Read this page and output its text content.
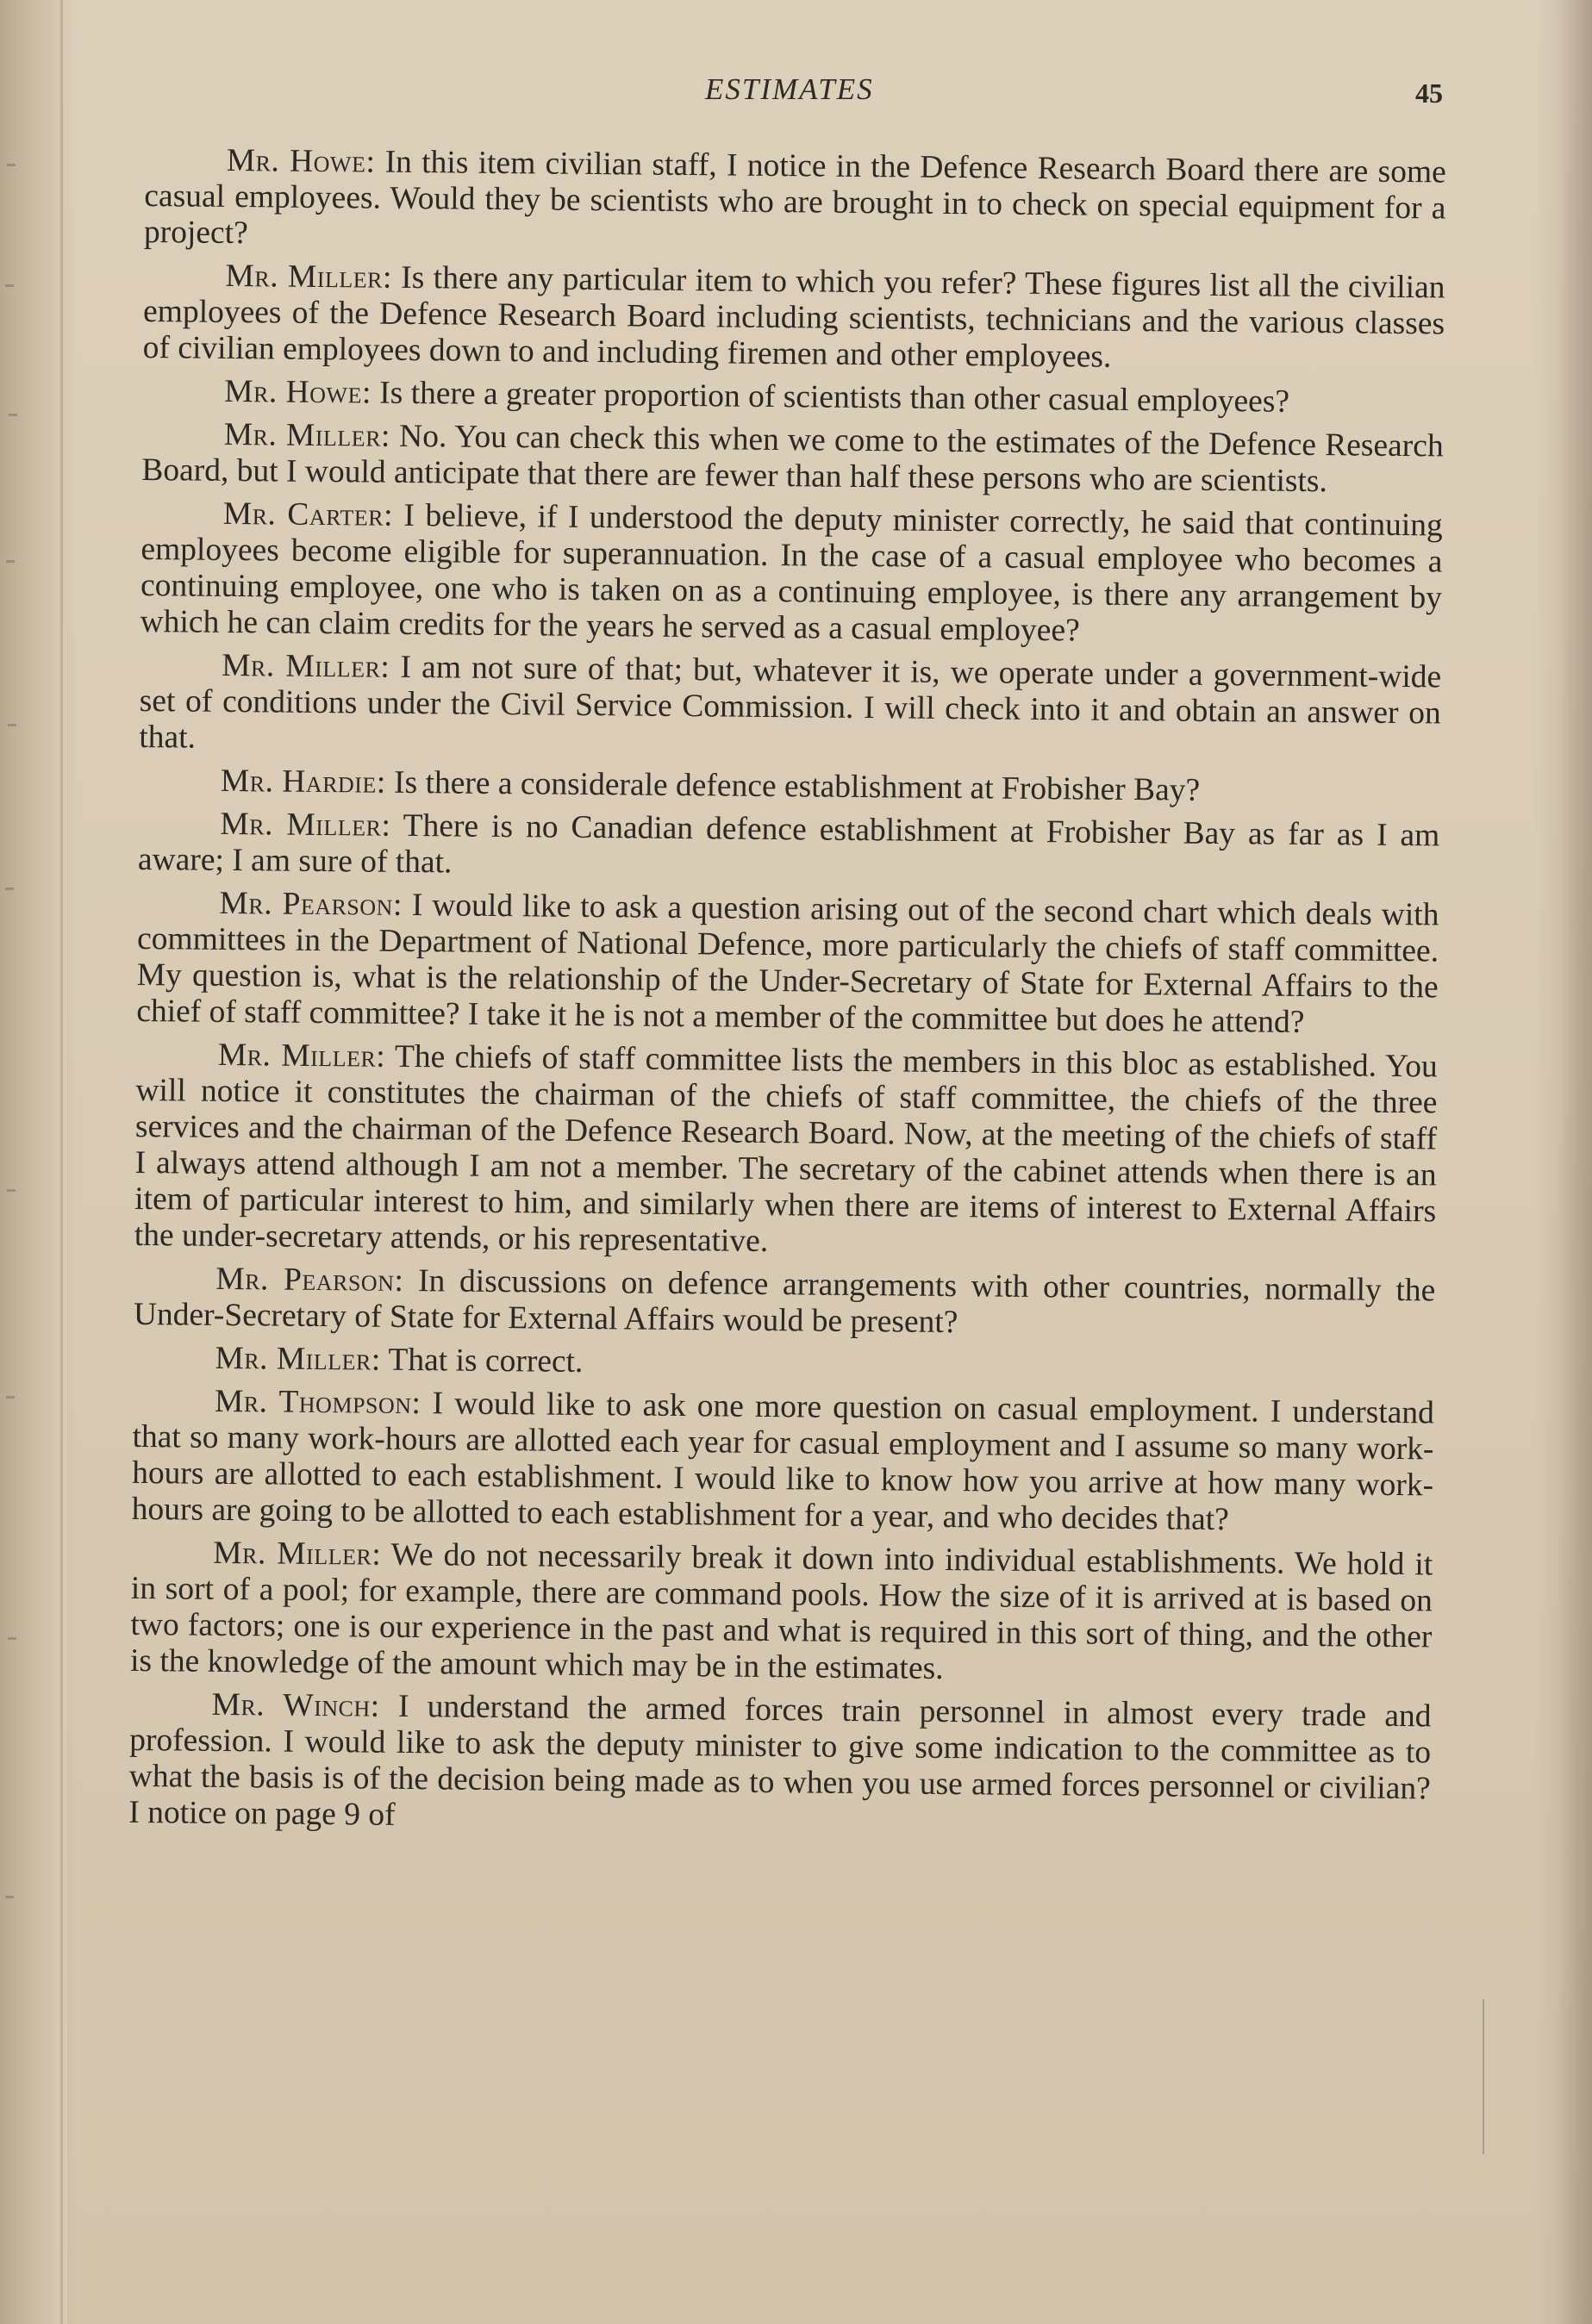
ESTIMATES	45

Mr. Howe: In this item civilian staff, I notice in the Defence Research Board there are some casual employees. Would they be scientists who are brought in to check on special equipment for a project?

Mr. Miller: Is there any particular item to which you refer? These figures list all the civilian employees of the Defence Research Board including scientists, technicians and the various classes of civilian employees down to and including firemen and other employees.

Mr. Howe: Is there a greater proportion of scientists than other casual employees?

Mr. Miller: No. You can check this when we come to the estimates of the Defence Research Board, but I would anticipate that there are fewer than half these persons who are scientists.

Mr. Carter: I believe, if I understood the deputy minister correctly, he said that continuing employees become eligible for superannuation. In the case of a casual employee who becomes a continuing employee, one who is taken on as a continuing employee, is there any arrangement by which he can claim credits for the years he served as a casual employee?

Mr. Miller: I am not sure of that; but, whatever it is, we operate under a government-wide set of conditions under the Civil Service Commission. I will check into it and obtain an answer on that.

Mr. Hardie: Is there a considerale defence establishment at Frobisher Bay?

Mr. Miller: There is no Canadian defence establishment at Frobisher Bay as far as I am aware; I am sure of that.

Mr. Pearson: I would like to ask a question arising out of the second chart which deals with committees in the Department of National Defence, more particularly the chiefs of staff committee. My question is, what is the relationship of the Under-Secretary of State for External Affairs to the chief of staff committee? I take it he is not a member of the committee but does he attend?

Mr. Miller: The chiefs of staff committee lists the members in this bloc as established. You will notice it constitutes the chairman of the chiefs of staff committee, the chiefs of the three services and the chairman of the Defence Research Board. Now, at the meeting of the chiefs of staff I always attend although I am not a member. The secretary of the cabinet attends when there is an item of particular interest to him, and similarly when there are items of interest to External Affairs the under-secretary attends, or his representative.

Mr. Pearson: In discussions on defence arrangements with other countries, normally the Under-Secretary of State for External Affairs would be present?

Mr. Miller: That is correct.

Mr. Thompson: I would like to ask one more question on casual employment. I understand that so many work-hours are allotted each year for casual employment and I assume so many work-hours are allotted to each establishment. I would like to know how you arrive at how many work-hours are going to be allotted to each establishment for a year, and who decides that?

Mr. Miller: We do not necessarily break it down into individual establishments. We hold it in sort of a pool; for example, there are command pools. How the size of it is arrived at is based on two factors; one is our experience in the past and what is required in this sort of thing, and the other is the knowledge of the amount which may be in the estimates.

Mr. Winch: I understand the armed forces train personnel in almost every trade and profession. I would like to ask the deputy minister to give some indication to the committee as to what the basis is of the decision being made as to when you use armed forces personnel or civilian? I notice on page 9 of
